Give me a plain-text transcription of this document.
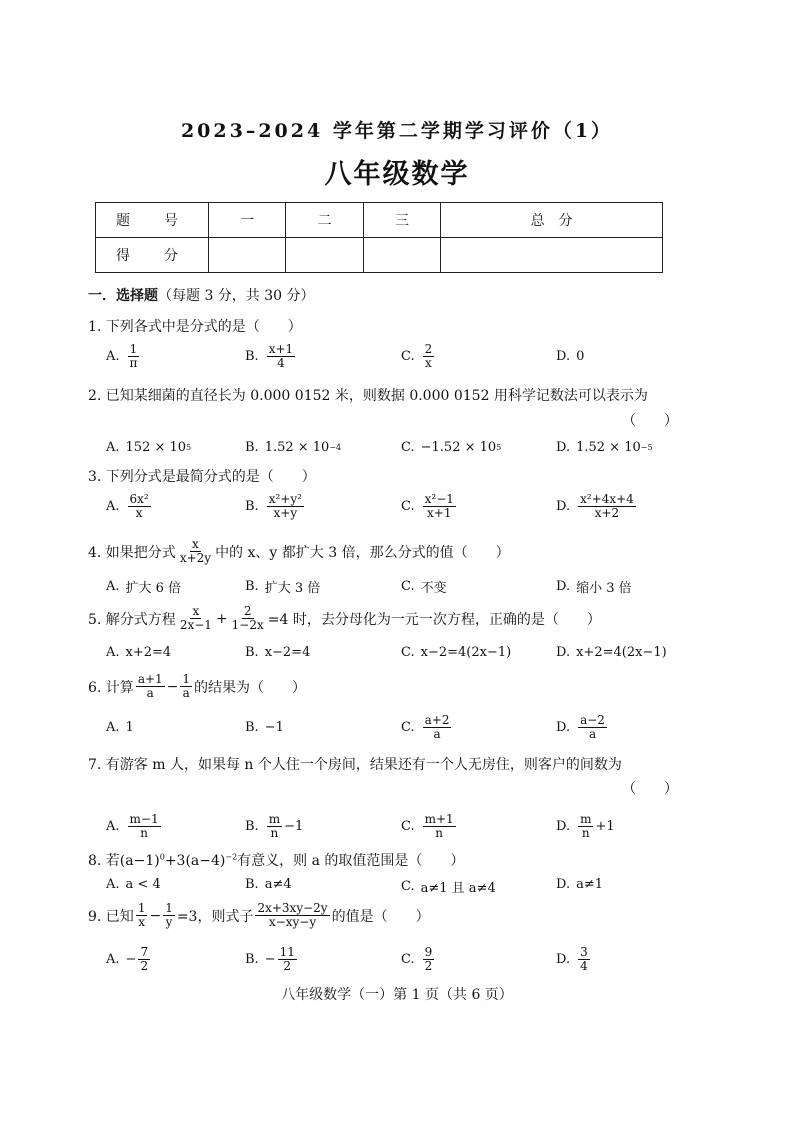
2023–2024 学年第二学期学习评价（1）
八年级数学
题　号	一	二	三	总　分
得　分				
一．选择题（每题 3 分，共 30 分）
1. 下列各式中是分式的是（　　）
A. $\frac{1}{\pi}$	B. $\frac{x+1}{4}$	C. $\frac{2}{x}$	D. 0
2. 已知某细菌的直径长为 0.000 0152 米，则数据 0.000 0152 用科学记数法可以表示为
（　　）
A. 152 × 10 5	B. 1.52 × 10 −4	C. −1.52 × 10 5	D. 1.52 × 10 −5
3. 下列分式是最简分式的是（　　）
A. $\frac{\text{6x²}}{x}$	B. $\frac{\text{x²+y²}}{x+y}$	C. $\frac{\text{x²−1}}{x+1}$	D. $\frac{\text{x²+4x+4}}{x+2}$
4. 如果把分式 $\frac{x}{x+2y}$ 中的 x、y 都扩大 3 倍，那么分式的值（　　）
A. 扩大 6 倍	B. 扩大 3 倍	C. 不变	D. 缩小 3 倍
5. 解分式方程 $\frac{x}{2x-1} + \frac{2}{1-2x} =4$ 时，去分母化为一元一次方程，正确的是（　　）
A. x+2=4	B. x−2=4	C. x−2=4(2x−1)	D. x+2=4(2x−1)
6. 计算 $\frac{a+1}{a} - \frac{1}{a}$ 的结果为（　　）
A. 1	B. −1	C. $\frac{a+2}{a}$	D. $\frac{a-2}{a}$
7. 有游客 m 人，如果每 n 个人住一个房间，结果还有一个人无房住，则客户的间数为
（　　）
A. $\frac{m-1}{n}$	B. $\frac{m}{n} -1$	C. $\frac{m+1}{n}$	D. $\frac{m}{n} +1$
8. 若$(a-1)^0+3(a-4)^{-2}$有意义，则 a 的取值范围是（　　）
A. a < 4	B. a≠4	C. a≠1 且 a≠4	D. a≠1
9. 已知 $\frac{1}{x} - \frac{1}{y} =3$，则式子 $\frac{2x+3xy-2y}{x-xy-y}$ 的值是（　　）
A. − $\frac{7}{2}$	B. − $\frac{11}{2}$	C. $\frac{9}{2}$	D. $\frac{3}{4}$
八年级数学（一）第 1 页（共 6 页）
